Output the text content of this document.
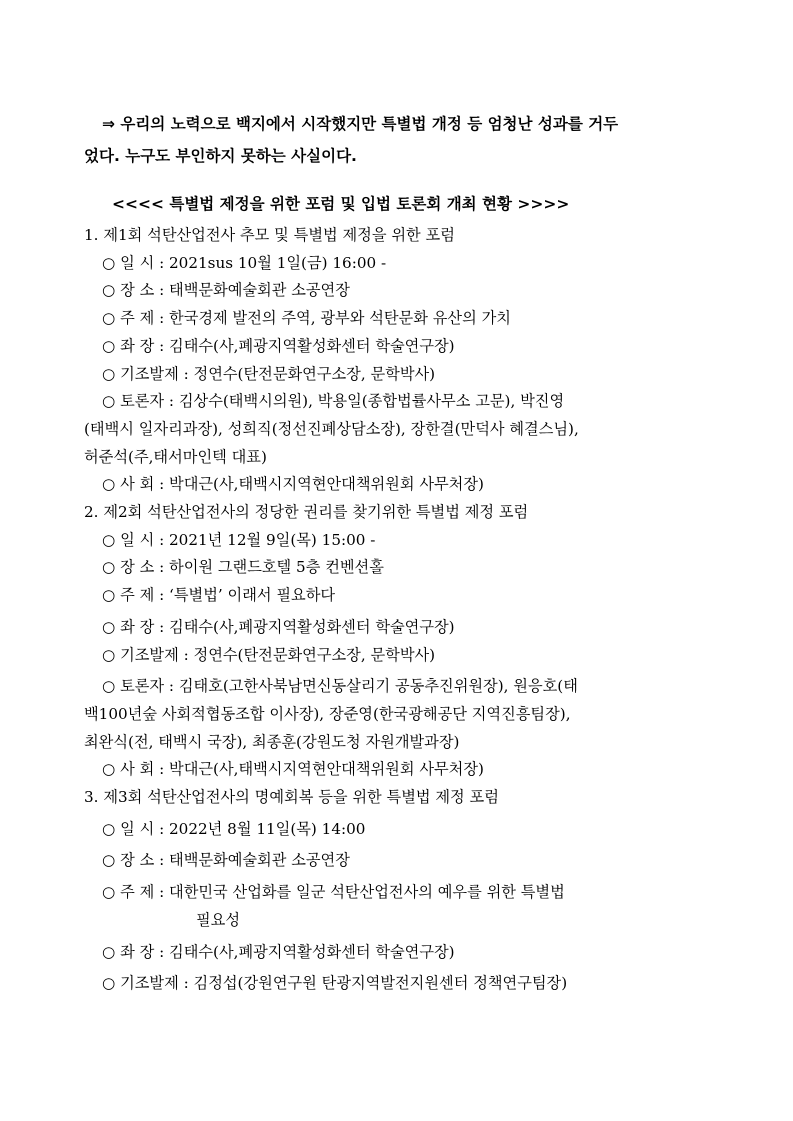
⇒ 우리의 노력으로 백지에서 시작했지만 특별법 개정 등 엄청난 성과를 거두
었다. 누구도 부인하지 못하는 사실이다.
<<<< 특별법 제정을 위한 포럼 및 입법 토론회 개최 현황 >>>>
1. 제1회 석탄산업전사 추모 및 특별법 제정을 위한 포럼
○ 일 시 : 2021sus 10월 1일(금) 16:00 -
○ 장 소 : 태백문화예술회관 소공연장
○ 주 제 : 한국경제 발전의 주역, 광부와 석탄문화 유산의 가치
○ 좌 장 : 김태수(사,폐광지역활성화센터 학술연구장)
○ 기조발제 : 정연수(탄전문화연구소장, 문학박사)
○ 토론자 : 김상수(태백시의원), 박용일(종합법률사무소 고문), 박진영
(태백시 일자리과장), 성희직(정선진폐상담소장), 장한결(만덕사 혜결스님),
허준석(주,태서마인텍 대표)
○ 사 회 : 박대근(사,태백시지역현안대책위원회 사무처장)
2. 제2회 석탄산업전사의 정당한 권리를 찾기위한 특별법 제정 포럼
○ 일 시 : 2021년 12월 9일(목) 15:00 -
○ 장 소 : 하이원 그랜드호텔 5층 컨벤션홀
○ 주 제 : ‘특별법’ 이래서 필요하다
○ 좌 장 : 김태수(사,폐광지역활성화센터 학술연구장)
○ 기조발제 : 정연수(탄전문화연구소장, 문학박사)
○ 토론자 : 김태호(고한사북남면신동살리기 공동추진위원장), 원응호(태
백100년숲 사회적협동조합 이사장), 장준영(한국광해공단 지역진흥팀장),
최완식(전, 태백시 국장), 최종훈(강원도청 자원개발과장)
○ 사 회 : 박대근(사,태백시지역현안대책위원회 사무처장)
3. 제3회 석탄산업전사의 명예회복 등을 위한 특별법 제정 포럼
○ 일 시 : 2022년 8월 11일(목) 14:00
○ 장 소 : 태백문화예술회관 소공연장
○ 주 제 : 대한민국 산업화를 일군 석탄산업전사의 예우를 위한 특별법
필요성
○ 좌 장 : 김태수(사,폐광지역활성화센터 학술연구장)
○ 기조발제 : 김정섭(강원연구원 탄광지역발전지원센터 정책연구팀장)
